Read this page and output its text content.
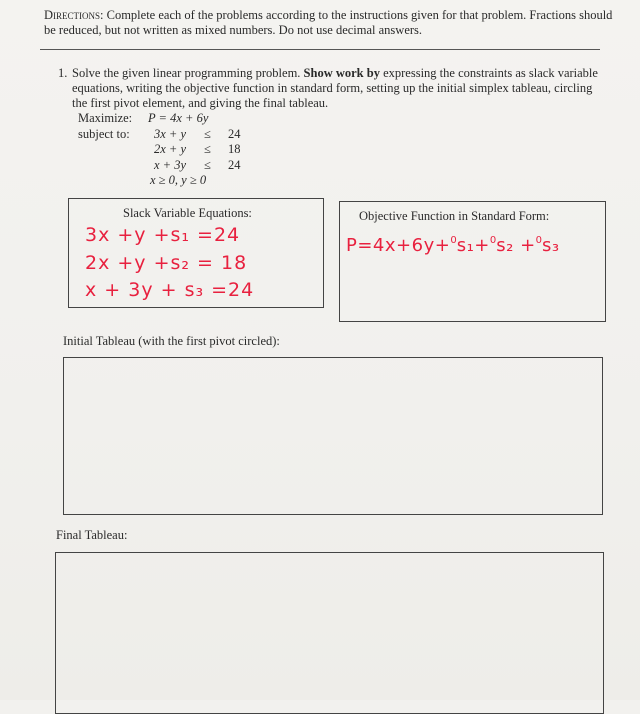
Directions: Complete each of the problems according to the instructions given for that problem. Fractions should be reduced, but not written as mixed numbers. Do not use decimal answers.
1. Solve the given linear programming problem. Show work by expressing the constraints as slack variable equations, writing the objective function in standard form, setting up the initial simplex tableau, circling the first pivot element, and giving the final tableau.
Maximize: P = 4x + 6y
subject to: 3x + y ≤ 24
2x + y ≤ 18
x + 3y ≤ 24
x ≥ 0, y ≥ 0
Slack Variable Equations:
3x +y +s₁ =24
2x +y +s₂ = 18
x + 3y + s₃ =24
Objective Function in Standard Form:
P=4x+6y+$^0$s₁+$^0$s₂ +$^0$s₃
Initial Tableau (with the first pivot circled):
Final Tableau:
